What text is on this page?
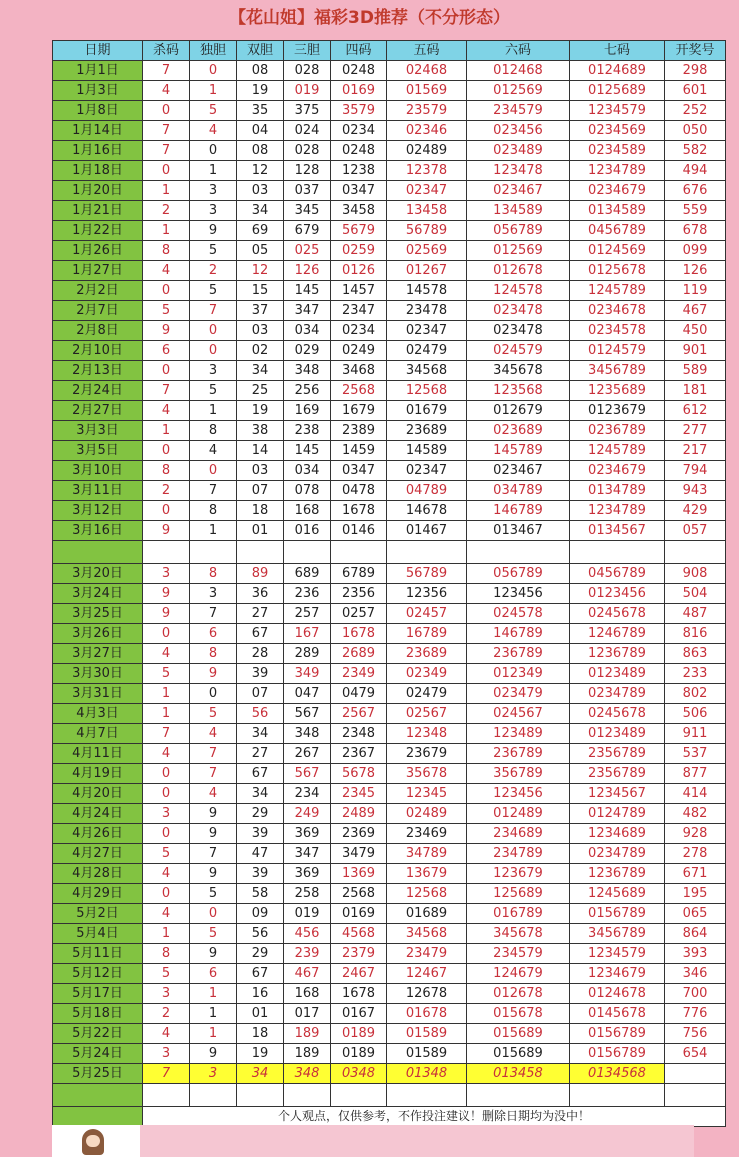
【花山姐】福彩3D推荐（不分形态）
日期	杀码	独胆	双胆	三胆	四码	五码	六码	七码	开奖号
1月1日	7	0	08	028	0248	02468	012468	0124689	298
1月3日	4	1	19	019	0169	01569	012569	0125689	601
1月8日	0	5	35	375	3579	23579	234579	1234579	252
1月14日	7	4	04	024	0234	02346	023456	0234569	050
1月16日	7	0	08	028	0248	02489	023489	0234589	582
1月18日	0	1	12	128	1238	12378	123478	1234789	494
1月20日	1	3	03	037	0347	02347	023467	0234679	676
1月21日	2	3	34	345	3458	13458	134589	0134589	559
1月22日	1	9	69	679	5679	56789	056789	0456789	678
1月26日	8	5	05	025	0259	02569	012569	0124569	099
1月27日	4	2	12	126	0126	01267	012678	0125678	126
2月2日	0	5	15	145	1457	14578	124578	1245789	119
2月7日	5	7	37	347	2347	23478	023478	0234678	467
2月8日	9	0	03	034	0234	02347	023478	0234578	450
2月10日	6	0	02	029	0249	02479	024579	0124579	901
2月13日	0	3	34	348	3468	34568	345678	3456789	589
2月24日	7	5	25	256	2568	12568	123568	1235689	181
2月27日	4	1	19	169	1679	01679	012679	0123679	612
3月3日	1	8	38	238	2389	23689	023689	0236789	277
3月5日	0	4	14	145	1459	14589	145789	1245789	217
3月10日	8	0	03	034	0347	02347	023467	0234679	794
3月11日	2	7	07	078	0478	04789	034789	0134789	943
3月12日	0	8	18	168	1678	14678	146789	1234789	429
3月16日	9	1	01	016	0146	01467	013467	0134567	057

3月20日	3	8	89	689	6789	56789	056789	0456789	908
3月24日	9	3	36	236	2356	12356	123456	0123456	504
3月25日	9	7	27	257	0257	02457	024578	0245678	487
3月26日	0	6	67	167	1678	16789	146789	1246789	816
3月27日	4	8	28	289	2689	23689	236789	1236789	863
3月30日	5	9	39	349	2349	02349	012349	0123489	233
3月31日	1	0	07	047	0479	02479	023479	0234789	802
4月3日	1	5	56	567	2567	02567	024567	0245678	506
4月7日	7	4	34	348	2348	12348	123489	0123489	911
4月11日	4	7	27	267	2367	23679	236789	2356789	537
4月19日	0	7	67	567	5678	35678	356789	2356789	877
4月20日	0	4	34	234	2345	12345	123456	1234567	414
4月24日	3	9	29	249	2489	02489	012489	0124789	482
4月26日	0	9	39	369	2369	23469	234689	1234689	928
4月27日	5	7	47	347	3479	34789	234789	0234789	278
4月28日	4	9	39	369	1369	13679	123679	1236789	671
4月29日	0	5	58	258	2568	12568	125689	1245689	195
5月2日	4	0	09	019	0169	01689	016789	0156789	065
5月4日	1	5	56	456	4568	34568	345678	3456789	864
5月11日	8	9	29	239	2379	23479	234579	1234579	393
5月12日	5	6	67	467	2467	12467	124679	1234679	346
5月17日	3	1	16	168	1678	12678	012678	0124678	700
5月18日	2	1	01	017	0167	01678	015678	0145678	776
5月22日	4	1	18	189	0189	01589	015689	0156789	756
5月24日	3	9	19	189	0189	01589	015689	0156789	654
5月25日	7	3	34	348	0348	01348	013458	0134568	

	个人观点，仅供参考，不作投注建议！删除日期均为没中！								
